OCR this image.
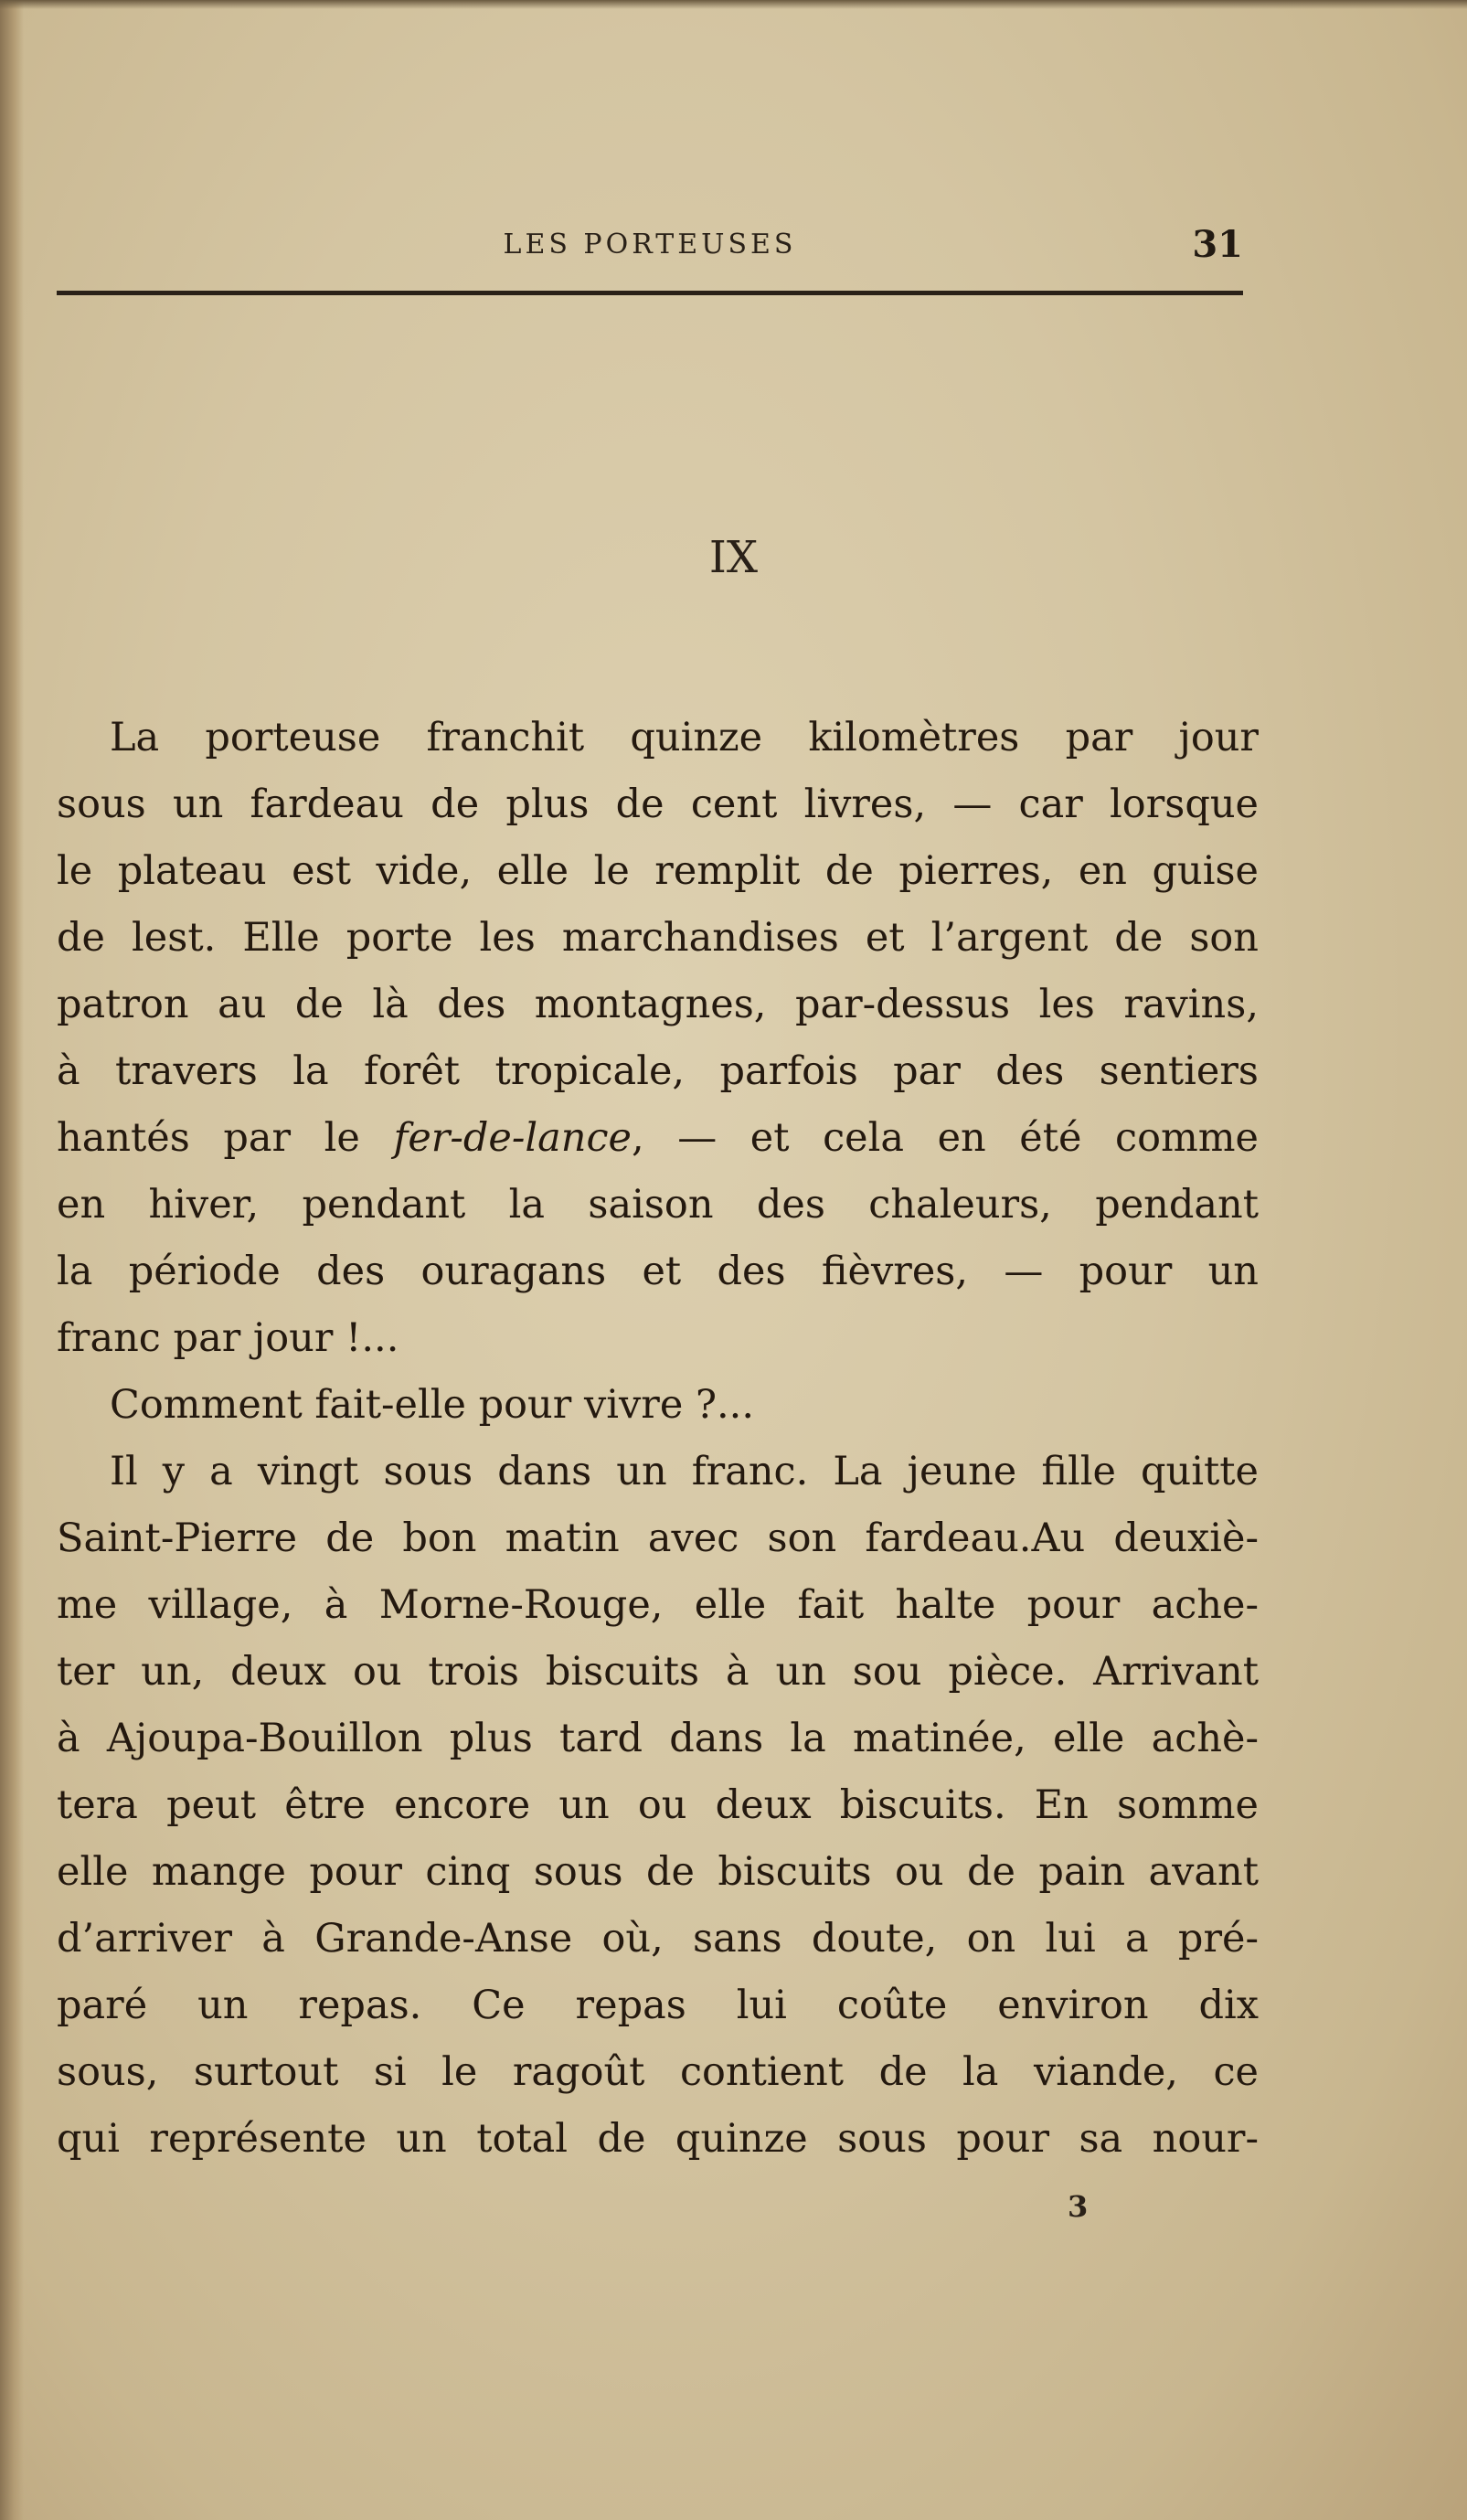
LES PORTEUSES	31
IX
La porteuse franchit quinze kilomètres par jour
sous un fardeau de plus de cent livres, — car lorsque
le plateau est vide, elle le remplit de pierres, en guise
de lest. Elle porte les marchandises et l’argent de son
patron au de là des montagnes, par-dessus les ravins,
à travers la forêt tropicale, parfois par des sentiers
hantés par le fer-de-lance, — et cela en été comme
en hiver, pendant la saison des chaleurs, pendant
la période des ouragans et des fièvres, — pour un
franc par jour !...
Comment fait-elle pour vivre ?...
Il y a vingt sous dans un franc. La jeune fille quitte
Saint-Pierre de bon matin avec son fardeau.Au deuxiè-
me village, à Morne-Rouge, elle fait halte pour ache-
ter un, deux ou trois biscuits à un sou pièce. Arrivant
à Ajoupa-Bouillon plus tard dans la matinée, elle achè-
tera peut être encore un ou deux biscuits. En somme
elle mange pour cinq sous de biscuits ou de pain avant
d’arriver à Grande-Anse où, sans doute, on lui a pré-
paré un repas. Ce repas lui coûte environ dix
sous, surtout si le ragoût contient de la viande, ce
qui représente un total de quinze sous pour sa nour-
3
